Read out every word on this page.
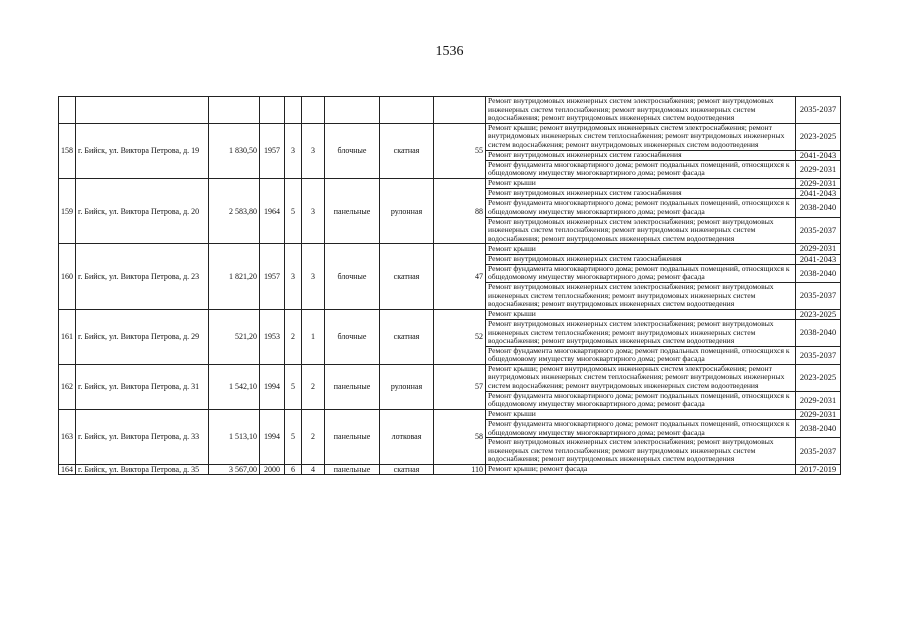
1536
									Ремонт внутридомовых инженерных систем электроснабжения; ремонт внутридомовых инженерных систем теплоснабжения; ремонт внутридомовых инженерных систем водоснабжения; ремонт внутридомовых инженерных систем водоотведения	2035-2037
158	г. Бийск, ул. Виктора Петрова, д. 19	1 830,50	1957	3	3	блочные	скатная	55	Ремонт крыши; ремонт внутридомовых инженерных систем электроснабжения; ремонт внутридомовых инженерных систем теплоснабжения; ремонт внутридомовых инженерных систем водоснабжения; ремонт внутридомовых инженерных систем водоотведения	2023-2025
									Ремонт внутридомовых инженерных систем газоснабжения	2041-2043
									Ремонт фундамента многоквартирного дома; ремонт подвальных помещений, относящихся к общедомовому имуществу многоквартирного дома; ремонт фасада	2029-2031
159	г. Бийск, ул. Виктора Петрова, д. 20	2 583,80	1964	5	3	панельные	рулонная	88	Ремонт крыши	2029-2031
									Ремонт внутридомовых инженерных систем газоснабжения	2041-2043
									Ремонт фундамента многоквартирного дома; ремонт подвальных помещений, относящихся к общедомовому имуществу многоквартирного дома; ремонт фасада	2038-2040
									Ремонт внутридомовых инженерных систем электроснабжения; ремонт внутридомовых инженерных систем теплоснабжения; ремонт внутридомовых инженерных систем водоснабжения; ремонт внутридомовых инженерных систем водоотведения	2035-2037
160	г. Бийск, ул. Виктора Петрова, д. 23	1 821,20	1957	3	3	блочные	скатная	47	Ремонт крыши	2029-2031
									Ремонт внутридомовых инженерных систем газоснабжения	2041-2043
									Ремонт фундамента многоквартирного дома; ремонт подвальных помещений, относящихся к общедомовому имуществу многоквартирного дома; ремонт фасада	2038-2040
									Ремонт внутридомовых инженерных систем электроснабжения; ремонт внутридомовых инженерных систем теплоснабжения; ремонт внутридомовых инженерных систем водоснабжения; ремонт внутридомовых инженерных систем водоотведения	2035-2037
161	г. Бийск, ул. Виктора Петрова, д. 29	521,20	1953	2	1	блочные	скатная	52	Ремонт крыши	2023-2025
									Ремонт внутридомовых инженерных систем электроснабжения; ремонт внутридомовых инженерных систем теплоснабжения; ремонт внутридомовых инженерных систем водоснабжения; ремонт внутридомовых инженерных систем водоотведения	2038-2040
									Ремонт фундамента многоквартирного дома; ремонт подвальных помещений, относящихся к общедомовому имуществу многоквартирного дома; ремонт фасада	2035-2037
162	г. Бийск, ул. Виктора Петрова, д. 31	1 542,10	1994	5	2	панельные	рулонная	57	Ремонт крыши; ремонт внутридомовых инженерных систем электроснабжения; ремонт внутридомовых инженерных систем теплоснабжения; ремонт внутридомовых инженерных систем водоснабжения; ремонт внутридомовых инженерных систем водоотведения	2023-2025
									Ремонт фундамента многоквартирного дома; ремонт подвальных помещений, относящихся к общедомовому имуществу многоквартирного дома; ремонт фасада	2029-2031
163	г. Бийск, ул. Виктора Петрова, д. 33	1 513,10	1994	5	2	панельные	лотковая	58	Ремонт крыши	2029-2031
									Ремонт фундамента многоквартирного дома; ремонт подвальных помещений, относящихся к общедомовому имуществу многоквартирного дома; ремонт фасада	2038-2040
									Ремонт внутридомовых инженерных систем электроснабжения; ремонт внутридомовых инженерных систем теплоснабжения; ремонт внутридомовых инженерных систем водоснабжения; ремонт внутридомовых инженерных систем водоотведения	2035-2037
164	г. Бийск, ул. Виктора Петрова, д. 35	3 567,00	2000	6	4	панельные	скатная	110	Ремонт крыши; ремонт фасада	2017-2019
